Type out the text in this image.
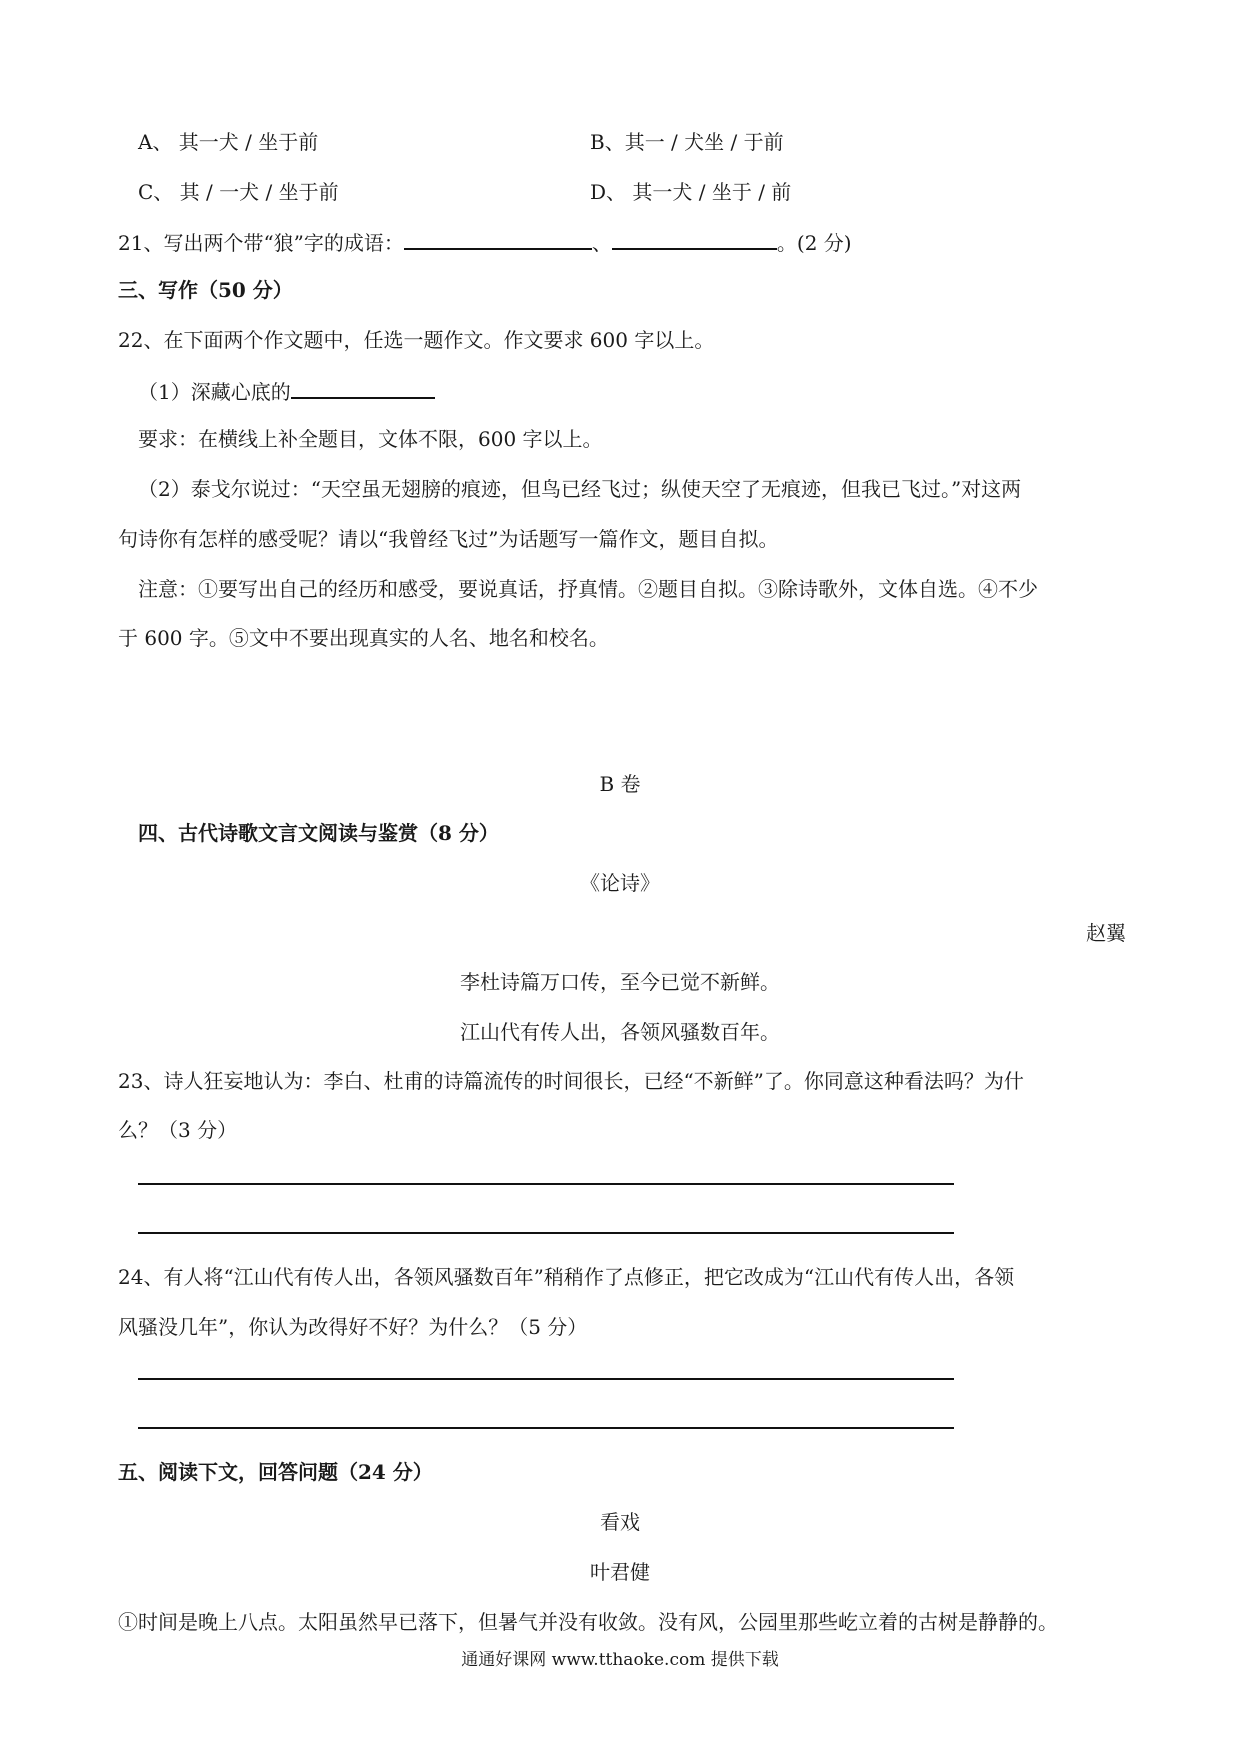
A、 其一犬 / 坐于前	B、其一 / 犬坐 / 于前
C、 其 / 一犬 / 坐于前	D、 其一犬 / 坐于 / 前
21、写出两个带“狼”字的成语：	、	。(2 分)
三、写作（50 分）
22、在下面两个作文题中，任选一题作文。作文要求 600 字以上。
（1）深藏心底的
要求：在横线上补全题目，文体不限，600 字以上。
（2）泰戈尔说过：“天空虽无翅膀的痕迹，但鸟已经飞过；纵使天空了无痕迹，但我已飞过。”对这两
句诗你有怎样的感受呢？请以“我曾经飞过”为话题写一篇作文，题目自拟。
注意：①要写出自己的经历和感受，要说真话，抒真情。②题目自拟。③除诗歌外，文体自选。④不少
于 600 字。⑤文中不要出现真实的人名、地名和校名。
B 卷
四、古代诗歌文言文阅读与鉴赏（8 分）
《论诗》
赵翼
李杜诗篇万口传，至今已觉不新鲜。
江山代有传人出，各领风骚数百年。
23、诗人狂妄地认为：李白、杜甫的诗篇流传的时间很长，已经“不新鲜”了。你同意这种看法吗？为什
么？（3 分）
24、有人将“江山代有传人出，各领风骚数百年”稍稍作了点修正，把它改成为“江山代有传人出，各领
风骚没几年”，你认为改得好不好？为什么？（5 分）
五、阅读下文，回答问题（24 分）
看戏
叶君健
①时间是晚上八点。太阳虽然早已落下，但暑气并没有收敛。没有风，公园里那些屹立着的古树是静静的。
通通好课网 www.tthaoke.com 提供下载
